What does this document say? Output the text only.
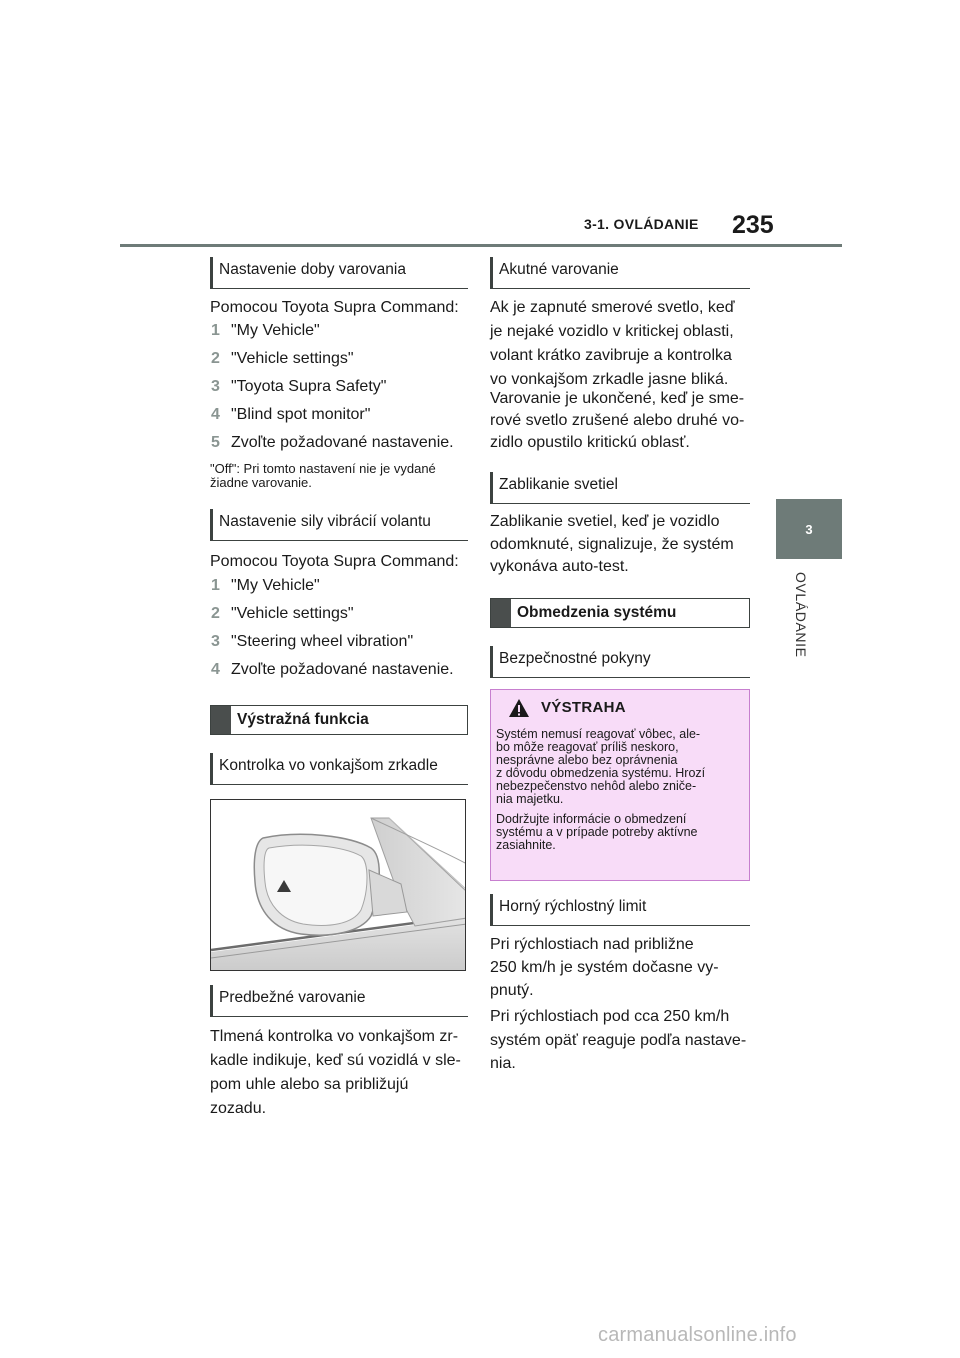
3-1. OVLÁDANIE 235
3
OVLÁDANIE
Nastavenie doby varovania
Pomocou Toyota Supra Command:
1 "My Vehicle"
2 "Vehicle settings"
3 "Toyota Supra Safety"
4 "Blind spot monitor"
5 Zvoľte požadované nastavenie.
"Off": Pri tomto nastavení nie je vydané
žiadne varovanie.
Nastavenie sily vibrácií volantu
Pomocou Toyota Supra Command:
1 "My Vehicle"
2 "Vehicle settings"
3 "Steering wheel vibration"
4 Zvoľte požadované nastavenie.
Výstražná funkcia
Kontrolka vo vonkajšom zrkadle
Predbežné varovanie
Tlmená kontrolka vo vonkajšom zr-
kadle indikuje, keď sú vozidlá v sle-
pom uhle alebo sa približujú
zozadu.
Akutné varovanie
Ak je zapnuté smerové svetlo, keď
je nejaké vozidlo v kritickej oblasti,
volant krátko zavibruje a kontrolka
vo vonkajšom zrkadle jasne bliká.
Varovanie je ukončené, keď je sme-
rové svetlo zrušené alebo druhé vo-
zidlo opustilo kritickú oblasť.
Zablikanie svetiel
Zablikanie svetiel, keď je vozidlo
odomknuté, signalizuje, že systém
vykonáva auto-test.
Obmedzenia systému
Bezpečnostné pokyny
VÝSTRAHA
Systém nemusí reagovať vôbec, ale-
bo môže reagovať príliš neskoro,
nesprávne alebo bez oprávnenia
z dôvodu obmedzenia systému. Hrozí
nebezpečenstvo nehôd alebo zniče-
nia majetku.
Dodržujte informácie o obmedzení
systému a v prípade potreby aktívne
zasiahnite.
Horný rýchlostný limit
Pri rýchlostiach nad približne
250 km/h je systém dočasne vy-
pnutý.
Pri rýchlostiach pod cca 250 km/h
systém opäť reaguje podľa nastave-
nia.
carmanualsonline.info
